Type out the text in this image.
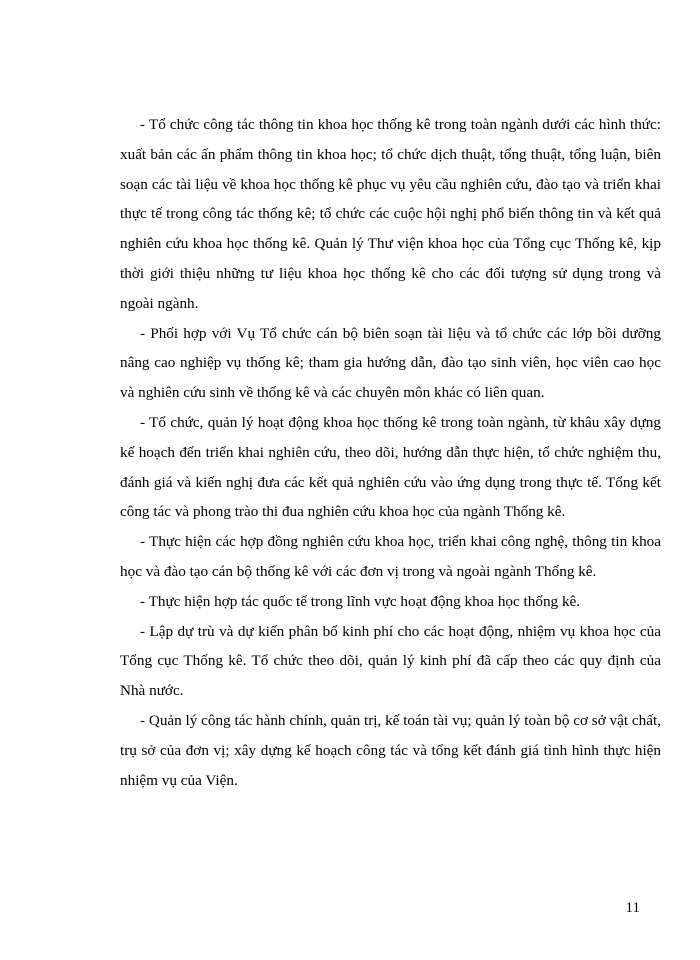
- Tổ chức công tác thông tin khoa học thống kê trong toàn ngành dưới các hình thức: xuất bản các ấn phẩm thông tin khoa học; tổ chức dịch thuật, tổng thuật, tổng luận, biên soạn các tài liệu về khoa học thống kê phục vụ yêu cầu nghiên cứu, đào tạo và triển khai thực tế trong công tác thống kê; tổ chức các cuộc hội nghị phổ biến thông tin và kết quả nghiên cứu khoa học thống kê. Quản lý Thư viện khoa học của Tổng cục Thống kê, kịp thời giới thiệu những tư liệu khoa học thống kê cho các đối tượng sử dụng trong và ngoài ngành.

- Phối hợp với Vụ Tổ chức cán bộ biên soạn tài liệu và tổ chức các lớp bồi dưỡng nâng cao nghiệp vụ thống kê; tham gia hướng dẫn, đào tạo sinh viên, học viên cao học và nghiên cứu sinh về thống kê và các chuyên môn khác có liên quan.

- Tổ chức, quản lý hoạt động khoa học thống kê trong toàn ngành, từ khâu xây dựng kế hoạch đến triển khai nghiên cứu, theo dõi, hướng dẫn thực hiện, tổ chức nghiệm thu, đánh giá và kiến nghị đưa các kết quả nghiên cứu vào ứng dụng trong thực tế. Tổng kết công tác và phong trào thi đua nghiên cứu khoa học của ngành Thống kê.

- Thực hiện các hợp đồng nghiên cứu khoa học, triển khai công nghệ, thông tin khoa học và đào tạo cán bộ thống kê với các đơn vị trong và ngoài ngành Thống kê.

- Thực hiện hợp tác quốc tế trong lĩnh vực hoạt động khoa học thống kê.

- Lập dự trù và dự kiến phân bổ kinh phí cho các hoạt động, nhiệm vụ khoa học của Tổng cục Thống kê. Tổ chức theo dõi, quản lý kinh phí đã cấp theo các quy định của Nhà nước.

- Quản lý công tác hành chính, quản trị, kế toán tài vụ; quản lý toàn bộ cơ sở vật chất, trụ sở của đơn vị; xây dựng kế hoạch công tác và tổng kết đánh giá tình hình thực hiện nhiệm vụ của Viện.

11
